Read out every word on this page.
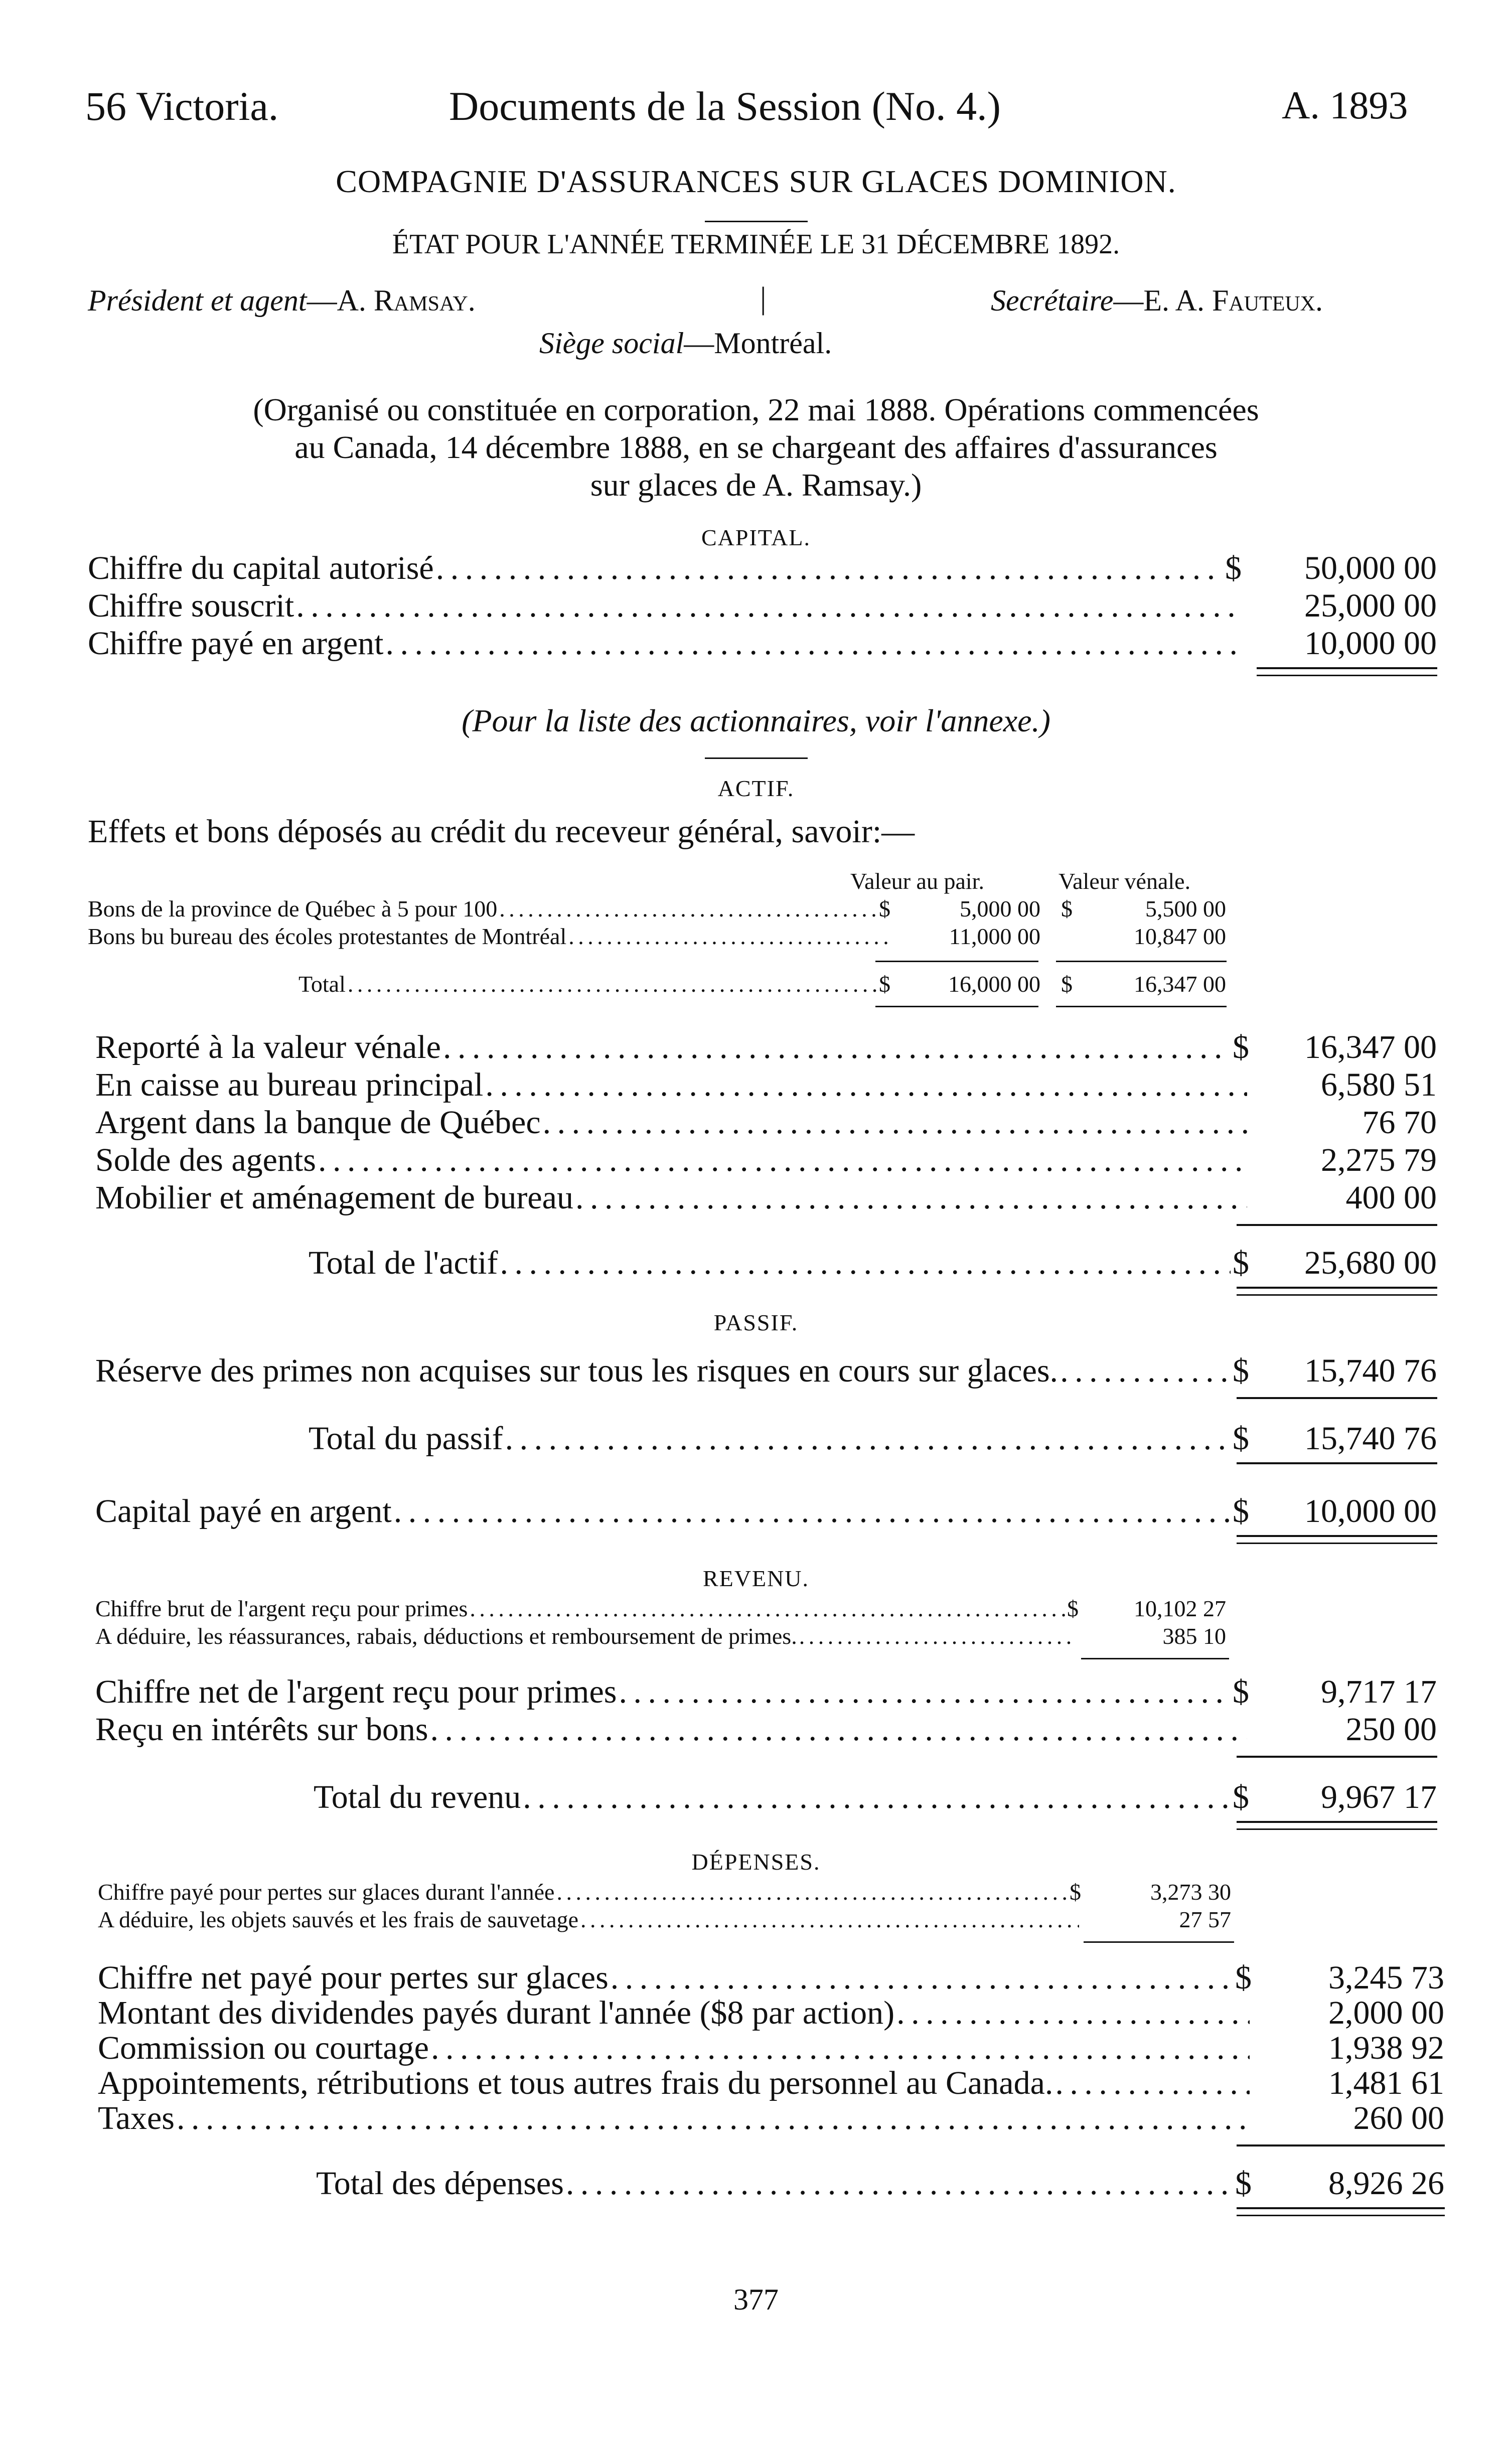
56 Victoria.	Documents de la Session (No. 4.)	A. 1893
COMPAGNIE D'ASSURANCES SUR GLACES DOMINION.
ÉTAT POUR L'ANNÉE TERMINÉE LE 31 DÉCEMBRE 1892.
Président et agent—A. Ramsay.	|	Secrétaire—E. A. Fauteux.
Siège social—Montréal.
(Organisé ou constituée en corporation, 22 mai 1888. Opérations commencées
au Canada, 14 décembre 1888, en se chargeant des affaires d'assurances
sur glaces de A. Ramsay.)
CAPITAL.
Chiffre du capital autorisé . . .	$ 50,000 00
Chiffre souscrit . . .	25,000 00
Chiffre payé en argent . . .	10,000 00
(Pour la liste des actionnaires, voir l'annexe.)
ACTIF.
Effets et bons déposés au crédit du receveur général, savoir:—
Valeur au pair.	Valeur vénale.
Bons de la province de Québec à 5 pour 100 . . .	$	5,000 00 $	5,500 00
Bons bu bureau des écoles protestantes de Montréal . . .	11,000 00	10,847 00
Total . . .	$	16,000 00 $	16,347 00
Reporté à la valeur vénale . . .	$ 16,347 00
En caisse au bureau principal . . .	6,580 51
Argent dans la banque de Québec . . .	76 70
Solde des agents . . .	2,275 79
Mobilier et aménagement de bureau . . .	400 00
Total de l'actif . . .	$ 25,680 00
PASSIF.
Réserve des primes non acquises sur tous les risques en cours sur glaces. . . .	$ 15,740 76
Total du passif . . .	$ 15,740 76
Capital payé en argent . . .	$ 10,000 00
REVENU.
Chiffre brut de l'argent reçu pour primes . . .	$ 10,102 27
A déduire, les réassurances, rabais, déductions et remboursement de primes. . . .	385 10
Chiffre net de l'argent reçu pour primes . . .	$ 9,717 17
Reçu en intérêts sur bons . . .	250 00
Total du revenu . . .	$ 9,967 17
DÉPENSES.
Chiffre payé pour pertes sur glaces durant l'année . . .	$	3,273 30
A déduire, les objets sauvés et les frais de sauvetage . . .	27 57
Chiffre net payé pour pertes sur glaces . . .	$ 3,245 73
Montant des dividendes payés durant l'année ($8 par action) . . .	2,000 00
Commission ou courtage . . .	1,938 92
Appointements, rétributions et tous autres frais du personnel au Canada. . . .	1,481 61
Taxes . . .	260 00
Total des dépenses . . .	$ 8,926 26
377
